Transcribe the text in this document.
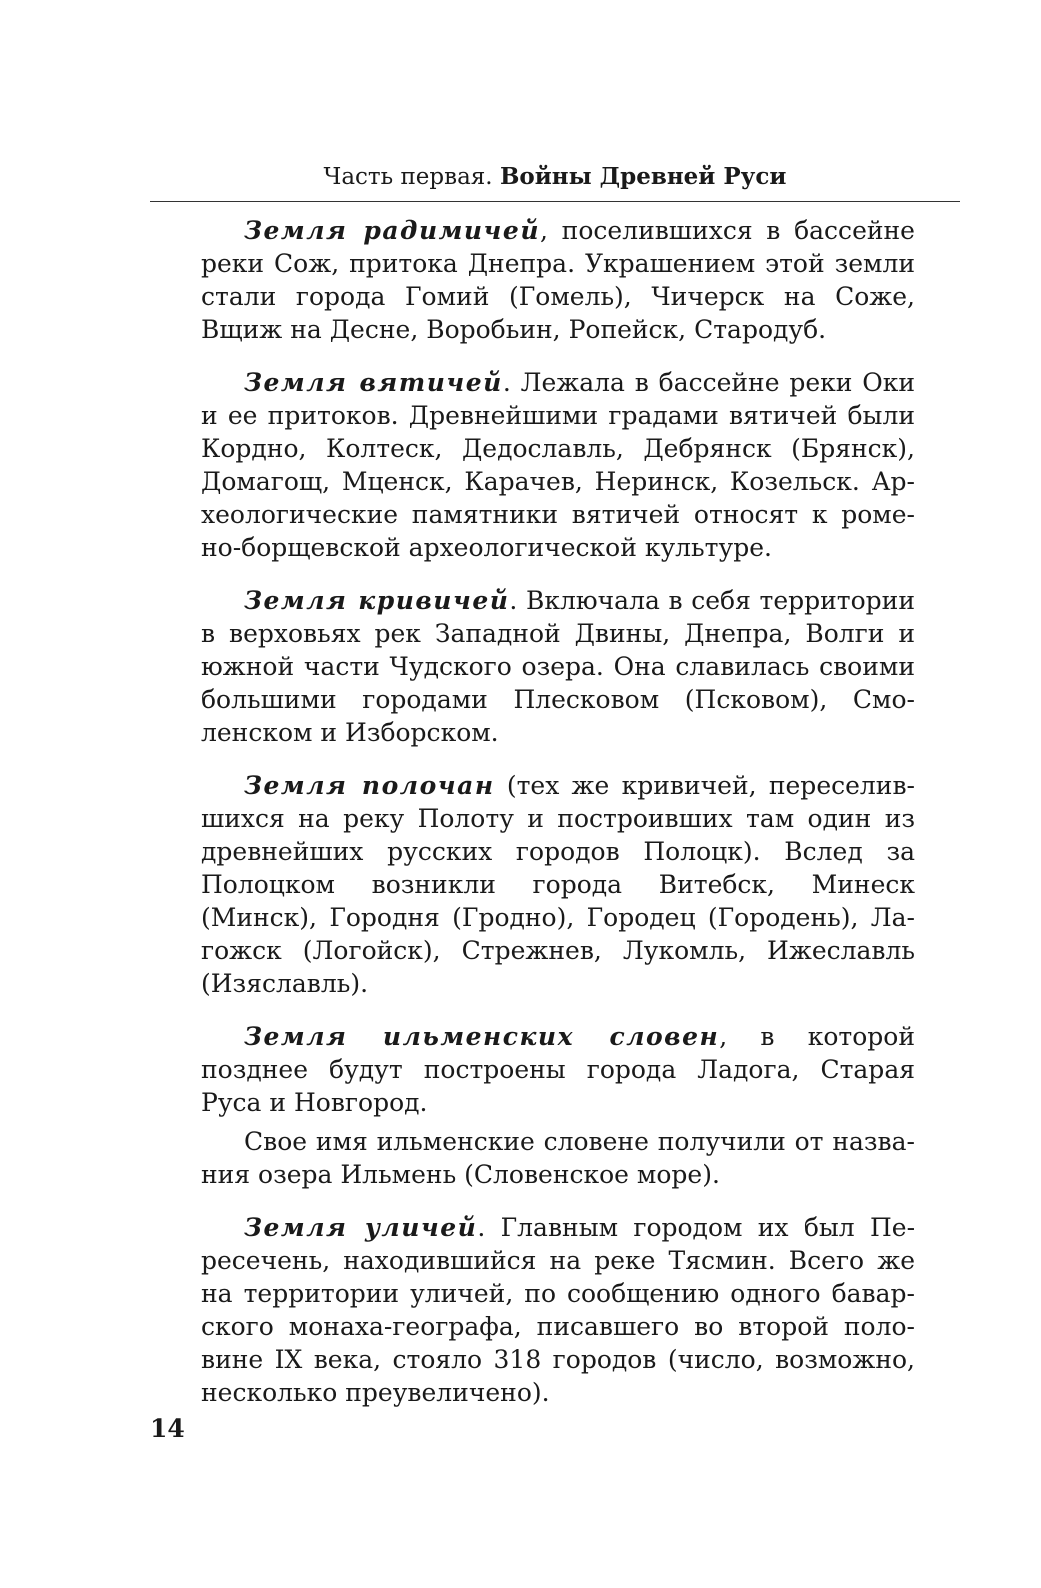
Часть первая. Войны Древней Руси

Земля радимичей, поселившихся в бассейне реки Сож, притока Днепра. Украшением этой земли стали города Гомий (Гомель), Чичерск на Соже, Вщиж на Десне, Воробьин, Ропейск, Стародуб.

Земля вятичей. Лежала в бассейне реки Оки и ее притоков. Древнейшими градами вятичей были Кордно, Колтеск, Дедославль, Дебрянск (Брянск), Домагощ, Мценск, Карачев, Неринск, Козельск. Археологические памятники вятичей относят к ромено-борщевской археологической культуре.

Земля кривичей. Включала в себя территории в верховьях рек Западной Двины, Днепра, Волги и южной части Чудского озера. Она славилась своими большими городами Плесковом (Псковом), Смоленском и Изборском.

Земля полочан (тех же кривичей, переселившихся на реку Полоту и построивших там один из древнейших русских городов Полоцк). Вслед за Полоцком возникли города Витебск, Минеск (Минск), Городня (Гродно), Городец (Городень), Лагожск (Логойск), Стрежнев, Лукомль, Ижеславль (Изяславль).

Земля ильменских словен, в которой позднее будут построены города Ладога, Старая Руса и Новгород.

Свое имя ильменские словене получили от названия озера Ильмень (Словенское море).

Земля уличей. Главным городом их был Пересечень, находившийся на реке Тясмин. Всего же на территории уличей, по сообщению одного баварского монаха-географа, писавшего во второй половине IX века, стояло 318 городов (число, возможно, несколько преувеличено).

14
